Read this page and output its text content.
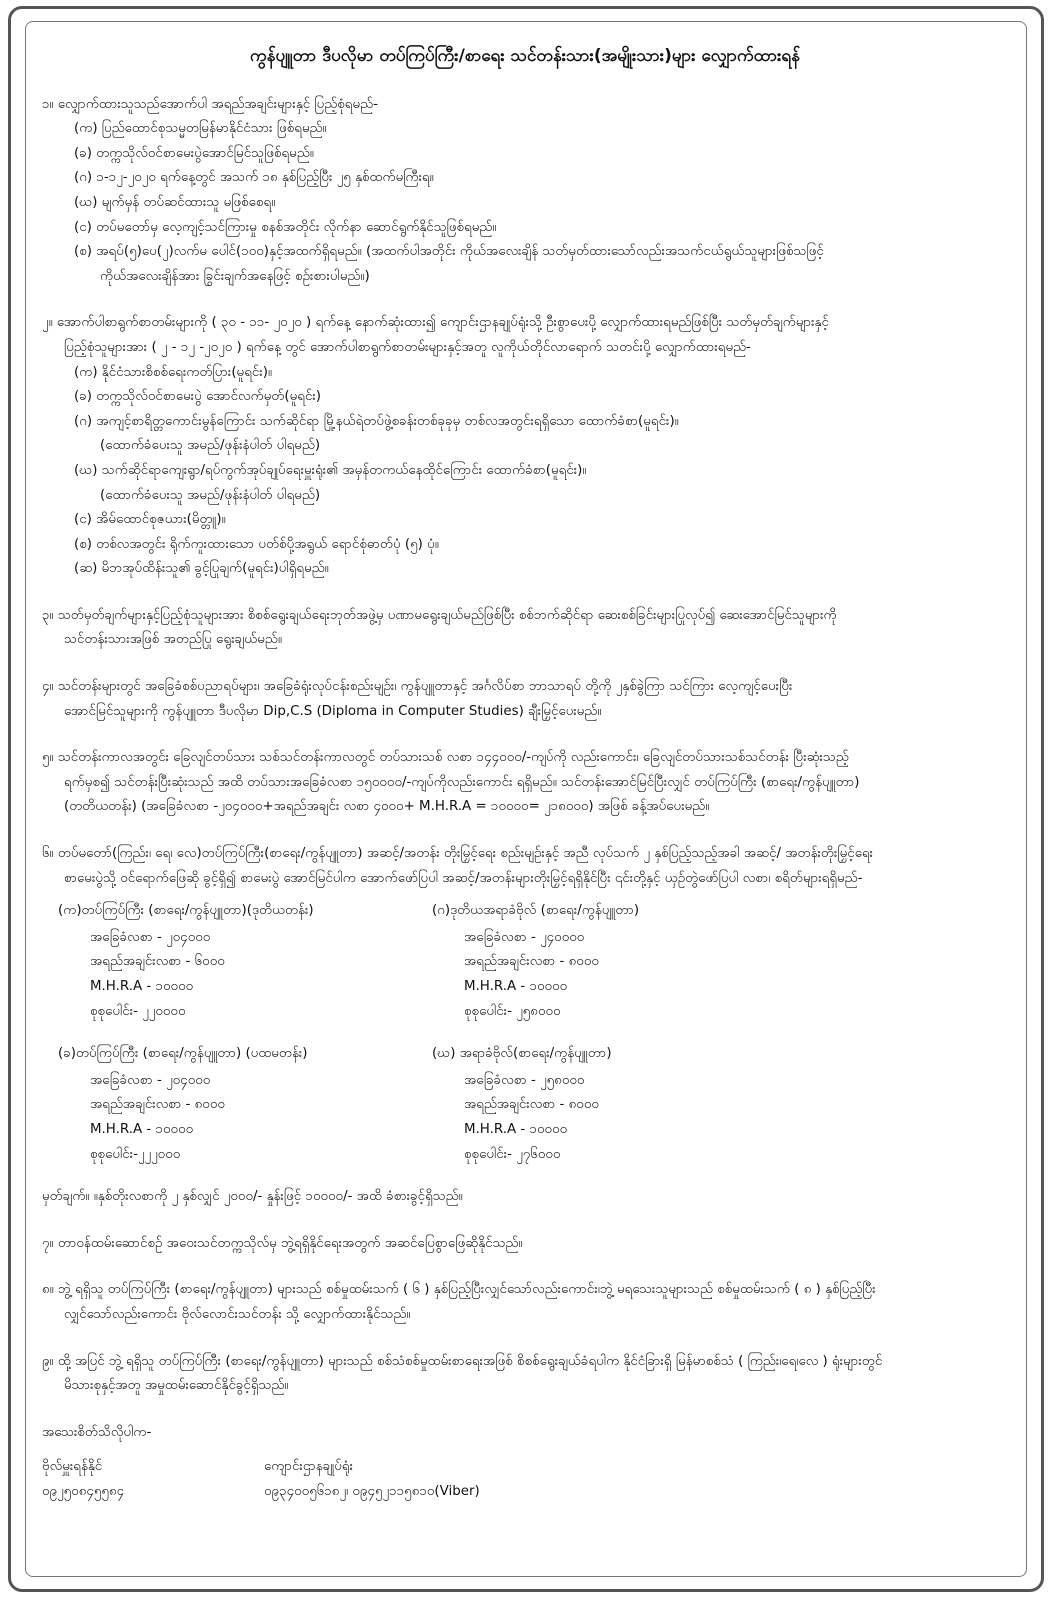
ကွန်ပျူတာ ဒီပလိုမာ တပ်ကြပ်ကြီး/စာရေး သင်တန်းသား(အမျိုးသား)များ လျှောက်ထားရန်

၁။ လျှောက်ထားသူသည်အောက်ပါ အရည်အချင်းများနှင့် ပြည့်စုံရမည်-

(က) ပြည်ထောင်စုသမ္မတမြန်မာနိုင်ငံသား ဖြစ်ရမည်။

(ခ) တက္ကသိုလ်ဝင်စာမေးပွဲအောင်မြင်သူဖြစ်ရမည်။

(ဂ) ၁-၁၂-၂၀၂၀ ရက်နေ့တွင် အသက် ၁၈ နှစ်ပြည့်ပြီး ၂၅ နှစ်ထက်မကြီးရ။

(ဃ) မျက်မှန် တပ်ဆင်ထားသူ မဖြစ်စေရ။

(င) တပ်မတော်မှ လေ့ကျင့်သင်ကြားမှု စနစ်အတိုင်း လိုက်နာ ဆောင်ရွက်နိုင်သူဖြစ်ရမည်။

(စ) အရပ်(၅)ပေ(၂)လက်မ ပေါင်(၁၀၀)နှင့်အထက်ရှိရမည်။ (အထက်ပါအတိုင်း ကိုယ်အလေးချိန် သတ်မှတ်ထားသော်လည်းအသက်ငယ်ရွယ်သူများဖြစ်သဖြင့်

ကိုယ်အလေးချိန်အား ခြွင်းချက်အနေဖြင့် စဉ်းစားပါမည်။)

၂။ အောက်ပါစာရွက်စာတမ်းများကို ( ၃၀ - ၁၁- ၂၀၂၀ ) ရက်နေ့ နောက်ဆုံးထား၍ ကျောင်းဌာနချုပ်ရုံးသို့ ဦးစွာပေးပို့ လျှောက်ထားရမည်ဖြစ်ပြီး သတ်မှတ်ချက်များနှင့်

ပြည့်စုံသူများအား ( ၂ - ၁၂ -၂၀၂၀ ) ရက်နေ့ တွင် အောက်ပါစာရွက်စာတမ်းများနှင့်အတူ လူကိုယ်တိုင်လာရောက် သတင်းပို့ လျှောက်ထားရမည်-

(က) နိုင်ငံသားစိစစ်ရေးကတ်ပြား(မူရင်း)။

(ခ) တက္ကသိုလ်ဝင်စာမေးပွဲ အောင်လက်မှတ်(မူရင်း)

(ဂ) အကျင့်စာရိတ္တကောင်းမွန်ကြောင်း သက်ဆိုင်ရာ မြို့နယ်ရဲတပ်ဖွဲ့စခန်းတစ်ခုခုမှ တစ်လအတွင်းရရှိသော ထောက်ခံစာ(မူရင်း)။

(ထောက်ခံပေးသူ အမည်/ဖုန်းနံပါတ် ပါရမည်)

(ဃ) သက်ဆိုင်ရာကျေးရွာ/ရပ်ကွက်အုပ်ချုပ်ရေးမှူးရုံး၏ အမှန်တကယ်နေထိုင်ကြောင်း ထောက်ခံစာ(မူရင်း)။

(ထောက်ခံပေးသူ အမည်/ဖုန်းနံပါတ် ပါရမည်)

(င) အိမ်ထောင်စုဇယား(မိတ္တူ)။

(စ) တစ်လအတွင်း ရိုက်ကူးထားသော ပတ်စ်ပို့အရွယ် ရောင်စုံဓာတ်ပုံ (၅) ပုံ။

(ဆ) မိဘအုပ်ထိန်းသူ၏ ခွင့်ပြုချက်(မူရင်း)ပါရှိရမည်။

၃။ သတ်မှတ်ချက်များနှင့်ပြည့်စုံသူများအား စိစစ်ရွေးချယ်ရေးဘုတ်အဖွဲ့မှ ပဏာမရွေးချယ်မည်ဖြစ်ပြီး စစ်ဘက်ဆိုင်ရာ ဆေးစစ်ခြင်းများပြုလုပ်၍ ဆေးအောင်မြင်သူများကို

သင်တန်းသားအဖြစ် အတည်ပြု ရွေးချယ်မည်။

၄။ သင်တန်းများတွင် အခြေခံစစ်ပညာရပ်များ၊ အခြေခံရုံးလုပ်ငန်းစည်းမျဉ်း၊ ကွန်ပျူတာနှင့် အင်္ဂလိပ်စာ ဘာသာရပ် တို့ကို ၂နှစ်ခွဲကြာ သင်ကြား လေ့ကျင့်ပေးပြီး

အောင်မြင်သူများကို ကွန်ပျူတာ ဒီပလိုမာ Dip,C.S (Diploma in Computer Studies) ချီးမြှင့်ပေးမည်။

၅။ သင်တန်းကာလအတွင်း ခြေလျင်တပ်သား သစ်သင်တန်းကာလတွင် တပ်သားသစ် လစာ ၁၄၄၀၀၀/-ကျပ်ကို လည်းကောင်း၊ ခြေလျင်တပ်သားသစ်သင်တန်း ပြီးဆုံးသည့်

ရက်မှစ၍ သင်တန်းပြီးဆုံးသည် အထိ တပ်သားအခြေခံလစာ ၁၅၀၀၀၀/-ကျပ်ကိုလည်းကောင်း ရရှိမည်။ သင်တန်းအောင်မြင်ပြီးလျှင် တပ်ကြပ်ကြီး (စာရေး/ကွန်ပျူတာ)

(တတိယတန်း) (အခြေခံလစာ -၂၀၄၀၀၀+အရည်အချင်း လစာ ၄၀၀၀+ M.H.R.A = ၁၀၀၀၀= ၂၁၈၀၀၀) အဖြစ် ခန့်အပ်ပေးမည်။

၆။ တပ်မတော်(ကြည်း၊ ရေ၊ လေ)တပ်ကြပ်ကြီး(စာရေး/ကွန်ပျူတာ) အဆင့်/အတန်း တိုးမြှင့်ရေး စည်းမျဉ်းနှင့် အညီ လုပ်သက် ၂ နှစ်ပြည့်သည့်အခါ အဆင့်/ အတန်းတိုးမြှင့်ရေး

စာမေးပွဲသို့ ဝင်ရောက်ဖြေဆို ခွင့်ရှိ၍ စာမေးပွဲ အောင်မြင်ပါက အောက်ဖော်ပြပါ အဆင့်/အတန်းများတိုးမြှင့်ရရှိနိုင်ပြီး ၎င်းတို့နှင့် ယှဉ်တွဲဖော်ပြပါ လစာ၊ စရိတ်များရရှိမည်-

(က)တပ်ကြပ်ကြီး (စာရေး/ကွန်ပျူတာ)(ဒုတိယတန်း)

အခြေခံလစာ - ၂၀၄၀၀၀

အရည်အချင်းလစာ - ၆၀၀၀

M.H.R.A - ၁၀၀၀၀

စုစုပေါင်း- ၂၂၀၀၀၀

(ဂ)ဒုတိယအရာခံဗိုလ် (စာရေး/ကွန်ပျူတာ)

အခြေခံလစာ - ၂၄၀၀၀၀

အရည်အချင်းလစာ - ၈၀၀၀

M.H.R.A - ၁၀၀၀၀

စုစုပေါင်း- ၂၅၈၀၀၀

(ခ)တပ်ကြပ်ကြီး (စာရေး/ကွန်ပျူတာ) (ပထမတန်း)

အခြေခံလစာ - ၂၀၄၀၀၀

အရည်အချင်းလစာ - ၈၀၀၀

M.H.R.A - ၁၀၀၀၀

စုစုပေါင်း-၂၂၂၀၀၀

(ဃ) အရာခံဗိုလ်(စာရေး/ကွန်ပျူတာ)

အခြေခံလစာ - ၂၅၈၀၀၀

အရည်အချင်းလစာ - ၈၀၀၀

M.H.R.A - ၁၀၀၀၀

စုစုပေါင်း- ၂၇၆၀၀၀

မှတ်ချက်။ ။နှစ်တိုးလစာကို ၂ နှစ်လျှင် ၂၀၀၀/- နှုန်းဖြင့် ၁၀၀၀၀/- အထိ ခံစားခွင့်ရှိသည်။

၇။ တာဝန်ထမ်းဆောင်စဉ် အဝေးသင်တက္ကသိုလ်မှ ဘွဲ့ရရှိနိုင်ရေးအတွက် အဆင်ပြေစွာဖြေဆိုနိုင်သည်။

၈။ ဘွဲ့ ရရှိသူ တပ်ကြပ်ကြီး (စာရေး/ကွန်ပျူတာ) များသည် စစ်မှုထမ်းသက် ( ၆ ) နှစ်ပြည့်ပြီးလျှင်သော်လည်းကောင်း၊ဘွဲ့ မရသေးသူများသည် စစ်မှုထမ်းသက် ( ၈ ) နှစ်ပြည့်ပြီး

လျှင်သော်လည်းကောင်း ဗိုလ်လောင်းသင်တန်း သို့ လျှောက်ထားနိုင်သည်။

၉။ ထို့ အပြင် ဘွဲ့ ရရှိသူ တပ်ကြပ်ကြီး (စာရေး/ကွန်ပျူတာ) များသည် စစ်သံစစ်မှုထမ်းစာရေးအဖြစ် စိစစ်ရွေးချယ်ခံရပါက နိုင်ငံခြားရှိ မြန်မာစစ်သံ ( ကြည်း၊ရေ၊လေ ) ရုံးများတွင်

မိသားစုနှင့်အတူ အမှုထမ်းဆောင်နိုင်ခွင့်ရှိသည်။

အသေးစိတ်သိလိုပါက-

ဗိုလ်မှူးရန်နိုင်

၀၉၂၅၀၈၄၅၅၈၄

ကျောင်းဌာနချုပ်ရုံး

၀၉၃၄၀၀၅၆၁၈၂၊ ၀၉၄၅၂၁၁၅၈၁၀(Viber)
